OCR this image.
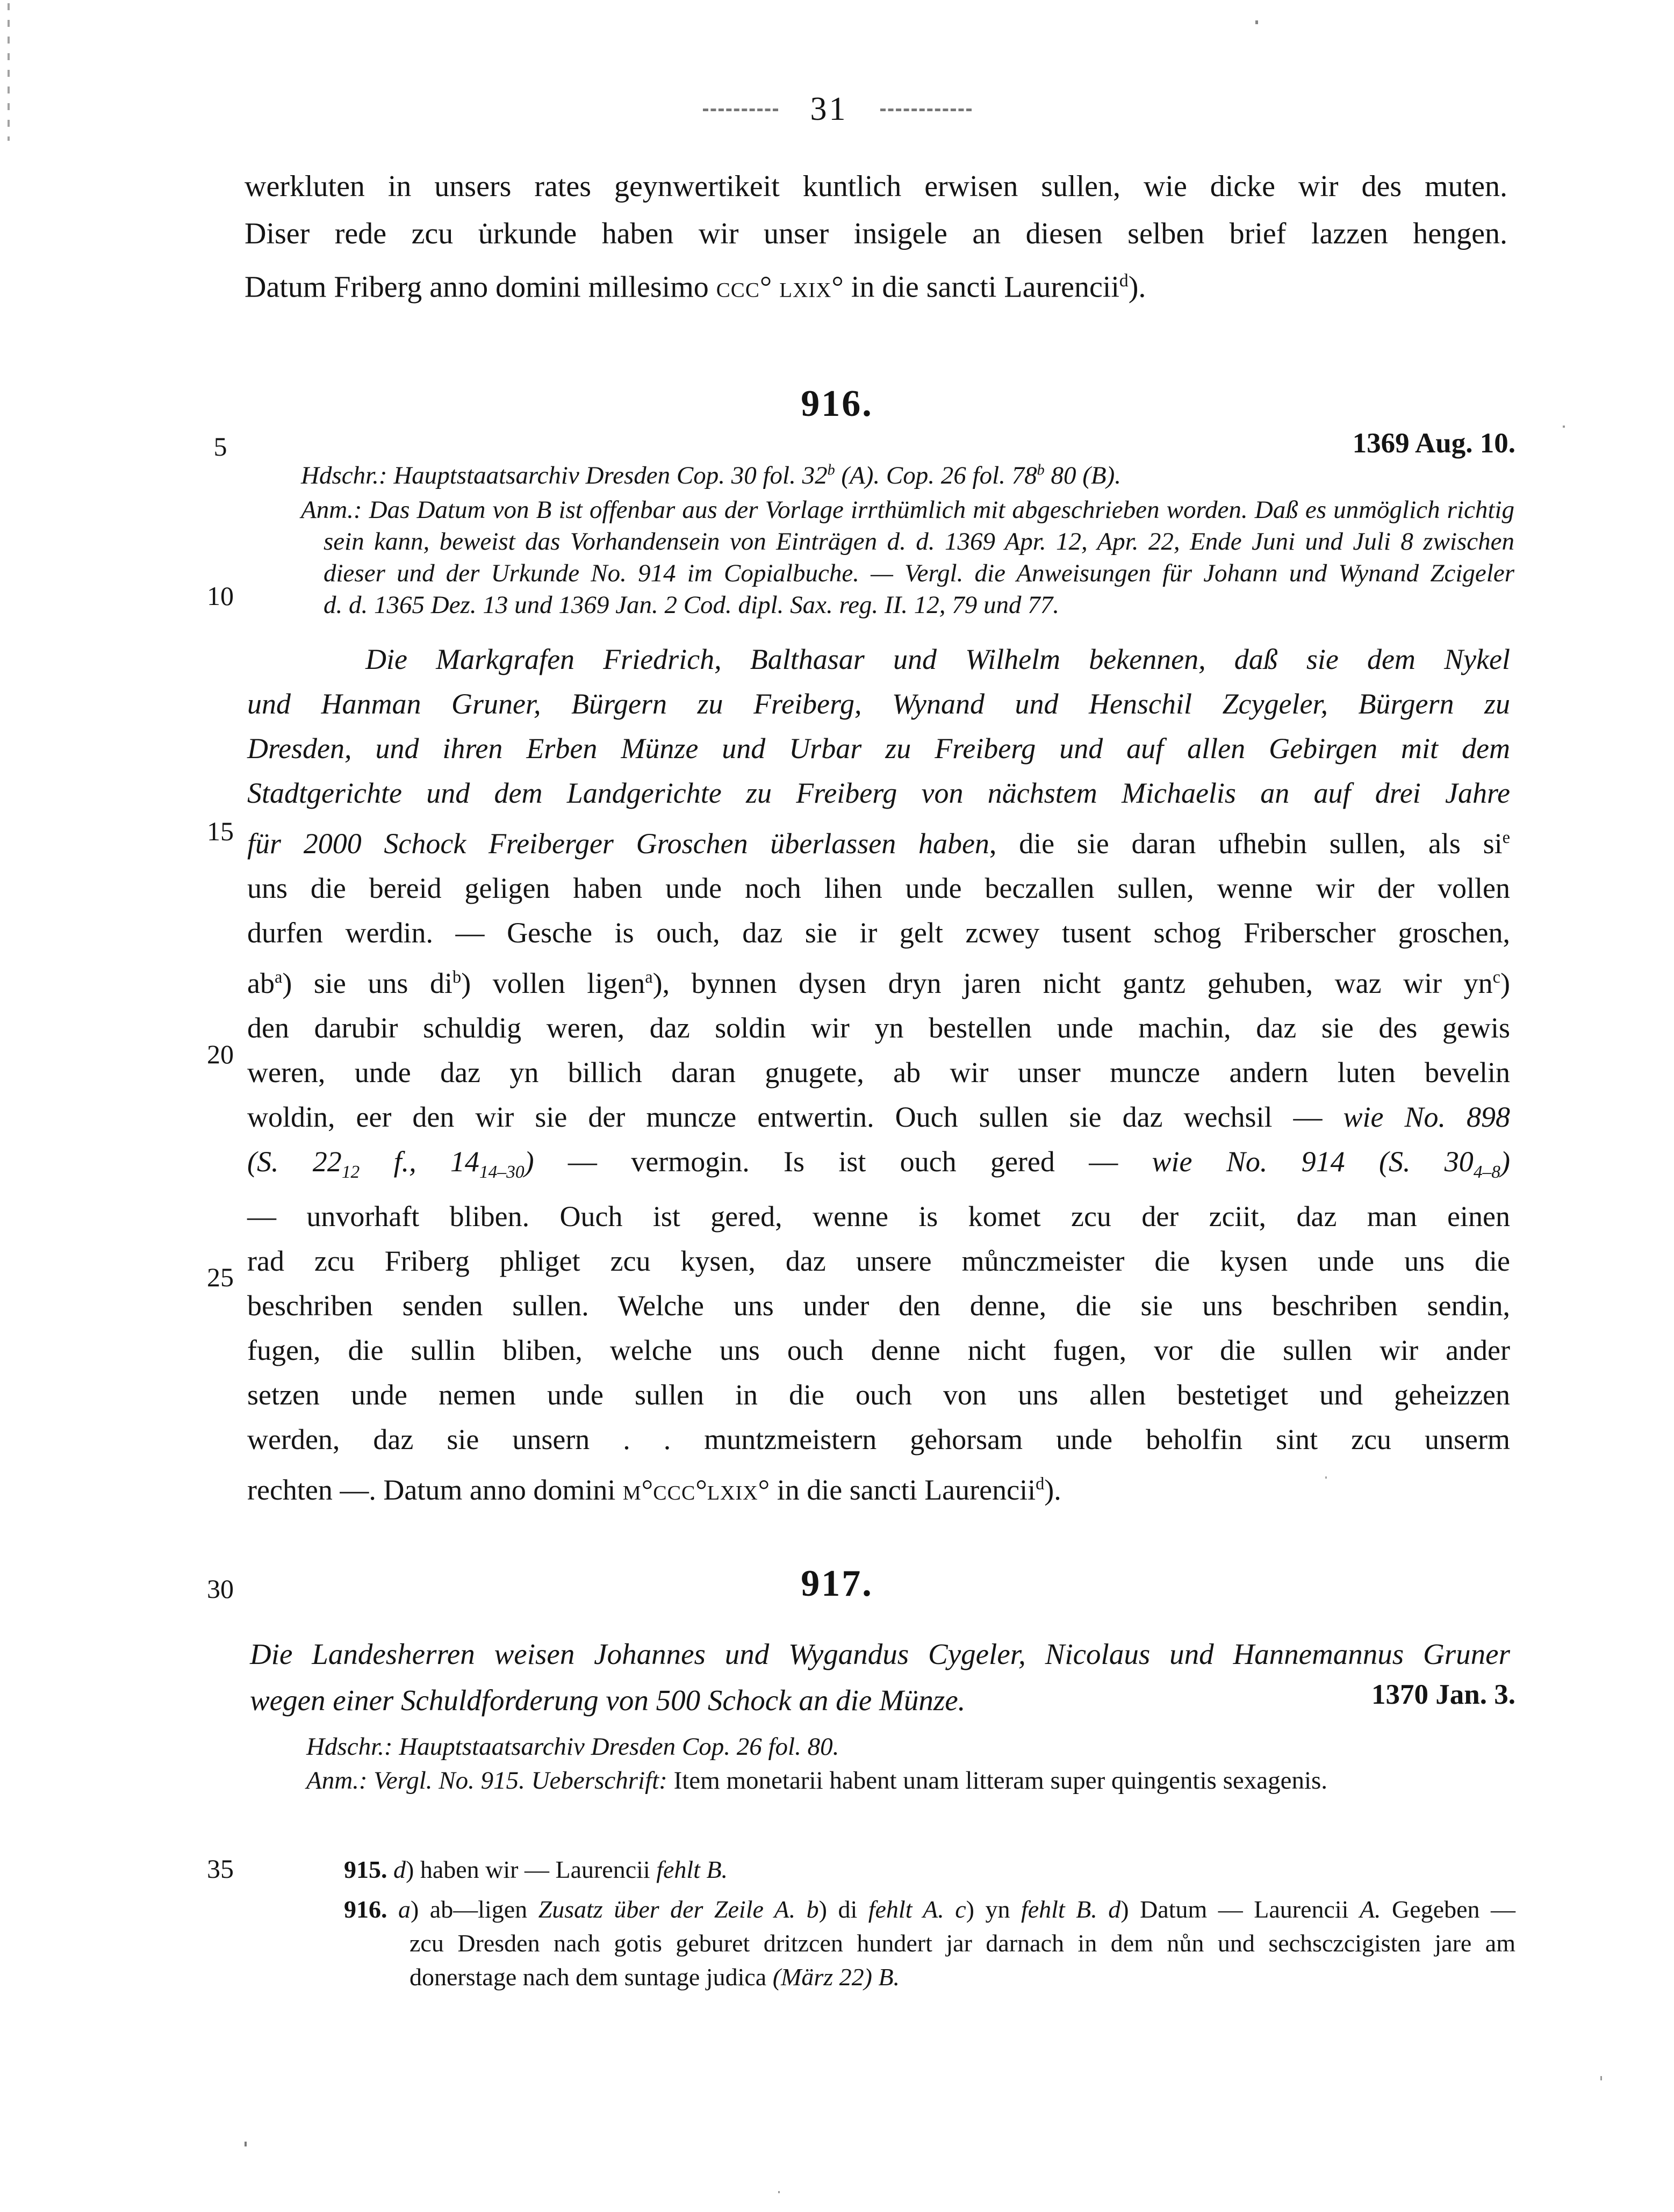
31
werkluten in unsers rates geynwertikeit kuntlich erwisen sullen, wie dicke wir des muten.
Diser rede zcu u̇rkunde haben wir unser insigele an diesen selben brief lazzen hengen.
Datum Friberg anno domini millesimo ccc° lxix° in die sancti Laurencii$^d$).
916.
1369 Aug. 10.
Hdschr.: Hauptstaatsarchiv Dresden Cop. 30 fol. 32$^b$ (A). Cop. 26 fol. 78$^b$ 80 (B).
Anm.: Das Datum von B ist offenbar aus der Vorlage irrthümlich mit abgeschrieben worden. Daß es unmöglich richtig
sein kann, beweist das Vorhandensein von Einträgen d. d. 1369 Apr. 12, Apr. 22, Ende Juni und Juli 8 zwischen
dieser und der Urkunde No. 914 im Copialbuche. — Vergl. die Anweisungen für Johann und Wynand Zcigeler
d. d. 1365 Dez. 13 und 1369 Jan. 2 Cod. dipl. Sax. reg. II. 12, 79 und 77.
Die Markgrafen Friedrich, Balthasar und Wilhelm bekennen, daß sie dem Nykel
und Hanman Gruner, Bürgern zu Freiberg, Wynand und Henschil Zcygeler, Bürgern zu
Dresden, und ihren Erben Münze und Urbar zu Freiberg und auf allen Gebirgen mit dem
Stadtgerichte und dem Landgerichte zu Freiberg von nächstem Michaelis an auf drei Jahre
für 2000 Schock Freiberger Groschen überlassen haben, die sie daran ufhebin sullen, als $si^e$
uns die bereid geligen haben unde noch lihen unde beczallen sullen, wenne wir der vollen
durfen werdin. — Gesche is ouch, daz sie ir gelt zcwey tusent schog Friberscher groschen,
$ab^a$) sie uns $di^b$) vollen ligen$^a$), bynnen dysen dryn jaren nicht gantz gehuben, waz wir $yn^c$)
den darubir schuldig weren, daz soldin wir yn bestellen unde machin, daz sie des gewis
weren, unde daz yn billich daran gnugete, ab wir unser muncze andern luten bevelin
woldin, eer den wir sie der muncze entwertin. Ouch sullen sie daz wechsil — wie No. 898
(S. $22_{12}$ f., $14_{14-30}$) — vermogin. Is ist ouch gered — wie No. 914 (S. $30_{4-8}$)
— unvorhaft bliben. Ouch ist gered, wenne is komet zcu der zciit, daz man einen
rad zcu Friberg phliget zcu kysen, daz unsere můnczmeister die kysen unde uns die
beschriben senden sullen. Welche uns under den denne, die sie uns beschriben sendin,
fugen, die sullin bliben, welche uns ouch denne nicht fugen, vor die sullen wir ander
setzen unde nemen unde sullen in die ouch von uns allen bestetiget und geheizzen
werden, daz sie unsern . . muntzmeistern gehorsam unde beholfin sint zcu unserm
rechten —. Datum anno domini m°ccc°lxix° in die sancti Laurencii$^d$).
5
10
15
20
25
30
35
917.
Die Landesherren weisen Johannes und Wygandus Cygeler, Nicolaus und Hannemannus Gruner
wegen einer Schuldforderung von 500 Schock an die Münze.	1370 Jan. 3.
Hdschr.: Hauptstaatsarchiv Dresden Cop. 26 fol. 80.
Anm.: Vergl. No. 915. Ueberschrift: Item monetarii habent unam litteram super quingentis sexagenis.
915. d) haben wir — Laurencii fehlt B.
916. a) ab—ligen Zusatz über der Zeile A. b) di fehlt A. c) yn fehlt B. d) Datum — Laurencii A. Gegeben —
zcu Dresden nach gotis geburet dritzcen hundert jar darnach in dem nůn und sechsczcigisten jare am
donerstage nach dem suntage judica (März 22) B.
